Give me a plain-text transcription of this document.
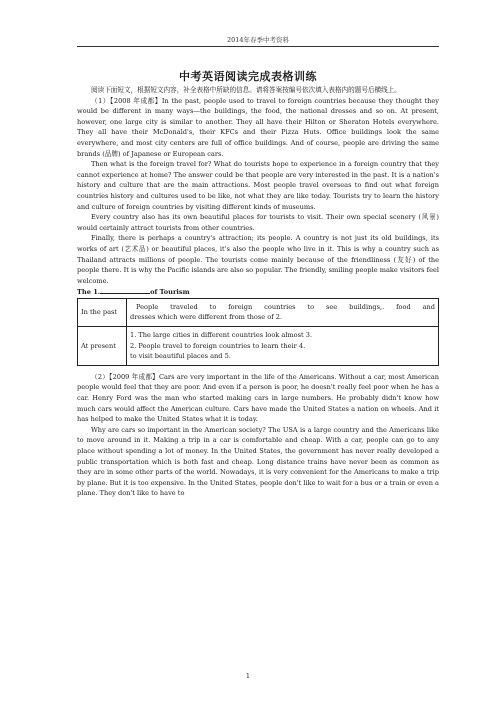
2014年春季中考资料
中考英语阅读完成表格训练

阅读下面短文，根据短文内容，补全表格中所缺的信息。请将答案按编号依次填入表格内的题号后横线上。

（1）【2008 年成都】In the past, people used to travel to foreign countries because they thought they would be different in many ways—the buildings, the food, the national dresses and so on. At present, however, one large city is similar to another. They all have their Hilton or Sheraton Hotels everywhere. They all have their McDonald's, their KFCs and their Pizza Huts. Office buildings look the same everywhere, and most city centers are full of office buildings. And of course, people are driving the same brands (品牌) of Japanese or European cars.

Then what is the foreign travel for? What do tourists hope to experience in a foreign country that they cannot experience at home? The answer could be that people are very interested in the past. It is a nation's history and culture that are the main attractions. Most people travel overseas to find out what foreign countries history and cultures used to be like, not what they are like today. Tourists try to learn the history and culture of foreign countries by visiting different kinds of museums.

Every country also has its own beautiful places for tourists to visit. Their own special scenery (风景) would certainly attract tourists from other countries.

Finally, there is perhaps a country's attraction; its people. A country is not just its old buildings, its works of art (艺术品) or beautiful places, it's also the people who live in it. This is why a country such as Thailand attracts millions of people. The tourists come mainly because of the friendliness (友好) of the people there. It is why the Pacific islands are also so popular. The friendly, smiling people make visitors feel welcome.

The 1.	of Tourism

In the past	People traveled to foreign countries to see buildings,. food and
dresses which were different from those of 2.

At present	1. The large cities in different countries look almost 3.
2. People travel to foreign countries to learn their 4.
to visit beautiful places and 5.

（2）【2009 年成都】Cars are very important in the life of the Americans. Without a car, most American people would feel that they are poor. And even if a person is poor, he doesn't really feel poor when he has a car. Henry Ford was the man who started making cars in large numbers. He probably didn't know how much cars would affect the American culture. Cars have made the United States a nation on wheels. And it has helped to make the United States what it is today.

Why are cars so important in the American society? The USA is a large country and the Americans like to move around in it. Making a trip in a car is comfortable and cheap. With a car, people can go to any place without spending a lot of money. In the United States, the government has never really developed a public transportation which is both fast and cheap. Long distance trains have never been as common as they are in some other parts of the world. Nowadays, it is very convenient for the Americans to make a trip by plane. But it is too expensive. In the United States, people don't like to wait for a bus or a train or even a plane. They don't like to have to

1
